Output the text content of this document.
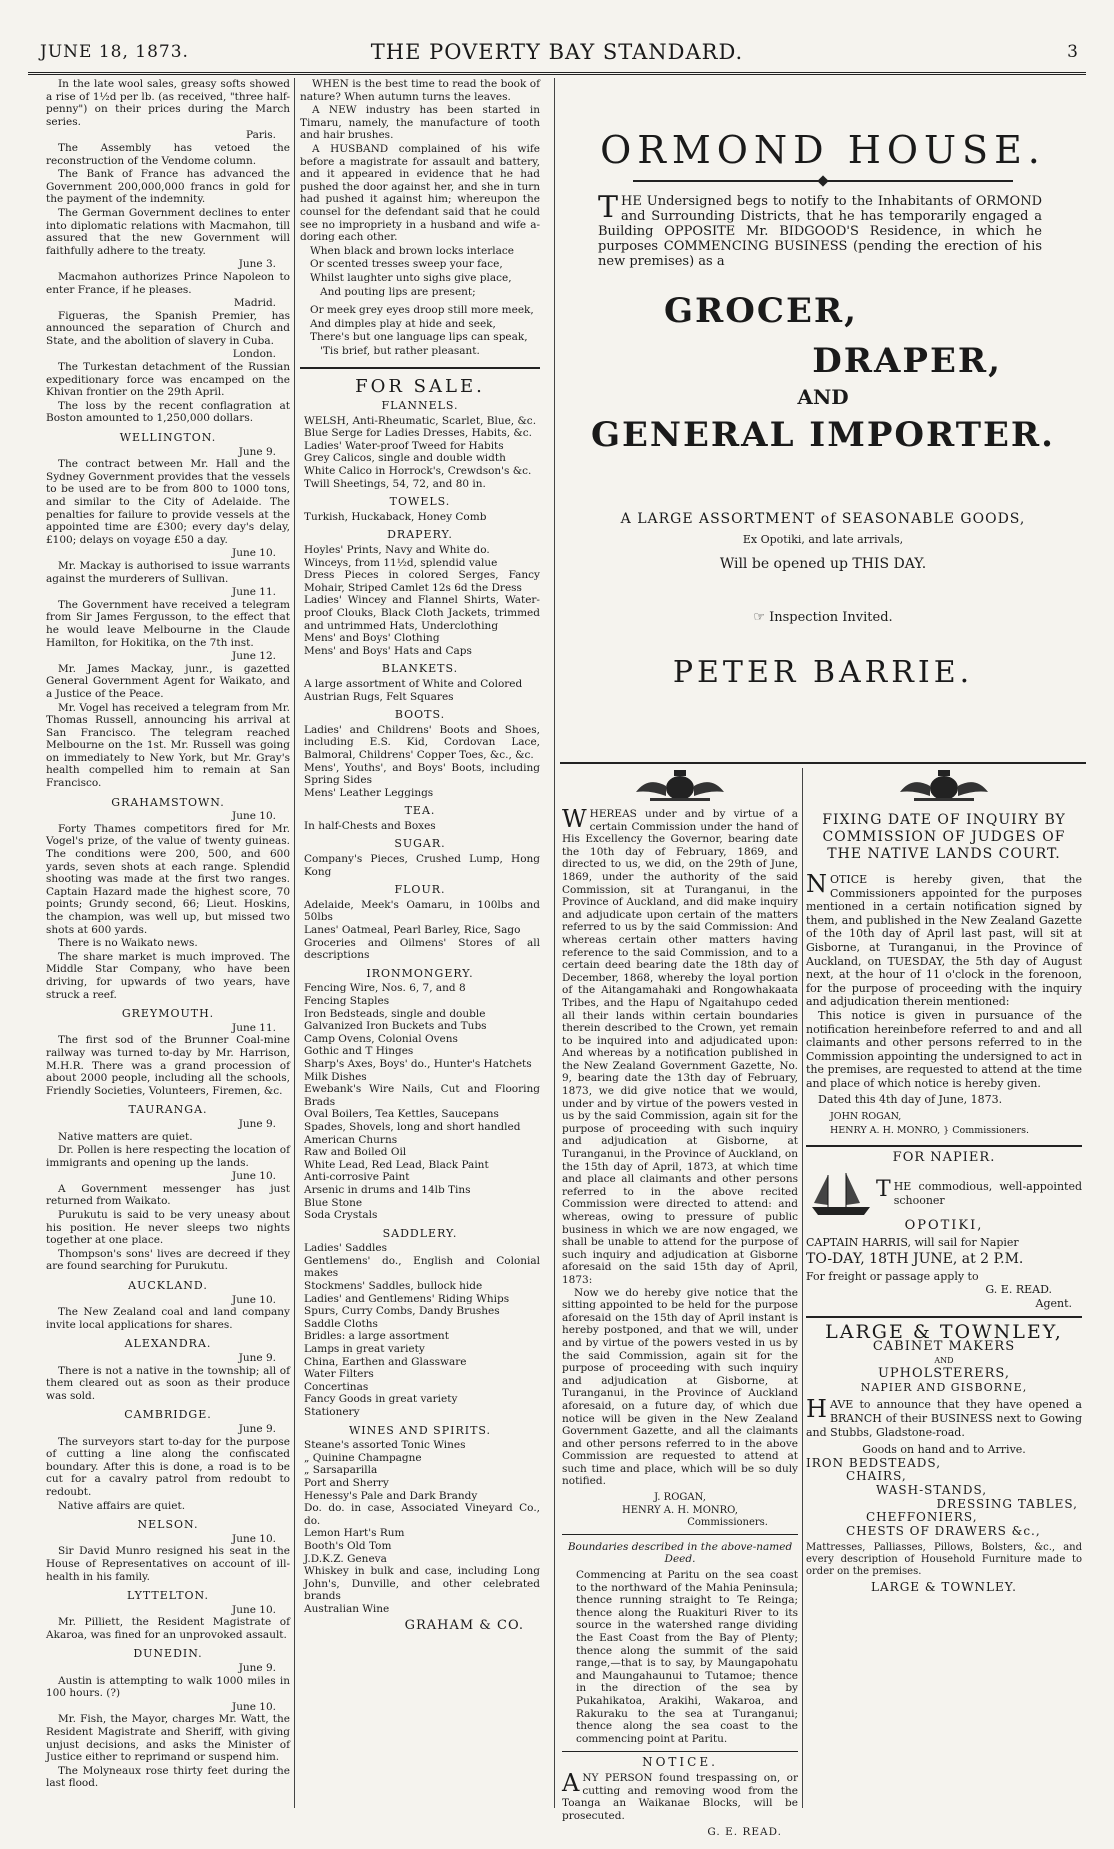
JUNE 18, 1873.	THE POVERTY BAY STANDARD.	3

In the late wool sales, greasy softs showed a rise of 1½d per lb. (as received, "three half-penny") on their prices during the March series.

Paris.

The Assembly has vetoed the reconstruction of the Vendome column.

The Bank of France has advanced the Government 200,000,000 francs in gold for the payment of the indemnity.

The German Government declines to enter into diplomatic relations with Macmahon, till assured that the new Government will faithfully adhere to the treaty.

June 3.

Macmahon authorizes Prince Napoleon to enter France, if he pleases.

Madrid.

Figueras, the Spanish Premier, has announced the separation of Church and State, and the abolition of slavery in Cuba.

London.

The Turkestan detachment of the Russian expeditionary force was encamped on the Khivan frontier on the 29th April.

The loss by the recent conflagration at Boston amounted to 1,250,000 dollars.

WELLINGTON.
June 9.

The contract between Mr. Hall and the Sydney Government provides that the vessels to be used are to be from 800 to 1000 tons, and similar to the City of Adelaide. The penalties for failure to provide vessels at the appointed time are £300; every day's delay, £100; delays on voyage £50 a day.

June 10.

Mr. Mackay is authorised to issue warrants against the murderers of Sullivan.

June 11.

The Government have received a telegram from Sir James Fergusson, to the effect that he would leave Melbourne in the Claude Hamilton, for Hokitika, on the 7th inst.

June 12.

Mr. James Mackay, junr., is gazetted General Government Agent for Waikato, and a Justice of the Peace.

Mr. Vogel has received a telegram from Mr. Thomas Russell, announcing his arrival at San Francisco. The telegram reached Melbourne on the 1st. Mr. Russell was going on immediately to New York, but Mr. Gray's health compelled him to remain at San Francisco.

GRAHAMSTOWN.
June 10.

Forty Thames competitors fired for Mr. Vogel's prize, of the value of twenty guineas. The conditions were 200, 500, and 600 yards, seven shots at each range. Splendid shooting was made at the first two ranges. Captain Hazard made the highest score, 70 points; Grundy second, 66; Lieut. Hoskins, the champion, was well up, but missed two shots at 600 yards.

There is no Waikato news.

The share market is much improved. The Middle Star Company, who have been driving, for upwards of two years, have struck a reef.

GREYMOUTH.
June 11.

The first sod of the Brunner Coal-mine railway was turned to-day by Mr. Harrison, M.H.R. There was a grand procession of about 2000 people, including all the schools, Friendly Societies, Volunteers, Firemen, &c.

TAURANGA.
June 9.

Native matters are quiet.

Dr. Pollen is here respecting the location of immigrants and opening up the lands.

June 10.

A Government messenger has just returned from Waikato.

Purukutu is said to be very uneasy about his position. He never sleeps two nights together at one place.

Thompson's sons' lives are decreed if they are found searching for Purukutu.

AUCKLAND.
June 10.

The New Zealand coal and land company invite local applications for shares.

ALEXANDRA.
June 9.

There is not a native in the township; all of them cleared out as soon as their produce was sold.

CAMBRIDGE.
June 9.

The surveyors start to-day for the purpose of cutting a line along the confiscated boundary. After this is done, a road is to be cut for a cavalry patrol from redoubt to redoubt.

Native affairs are quiet.

NELSON.
June 10.

Sir David Munro resigned his seat in the House of Representatives on account of ill-health in his family.

LYTTELTON.
June 10.

Mr. Pilliett, the Resident Magistrate of Akaroa, was fined for an unprovoked assault.

DUNEDIN.
June 9.

Austin is attempting to walk 1000 miles in 100 hours. (?)

June 10.

Mr. Fish, the Mayor, charges Mr. Watt, the Resident Magistrate and Sheriff, with giving unjust decisions, and asks the Minister of Justice either to reprimand or suspend him.

The Molyneaux rose thirty feet during the last flood.

WHEN is the best time to read the book of nature? When autumn turns the leaves.

A NEW industry has been started in Timaru, namely, the manufacture of tooth and hair brushes.

A HUSBAND complained of his wife before a magistrate for assault and battery, and it appeared in evidence that he had pushed the door against her, and she in turn had pushed it against him; whereupon the counsel for the defendant said that he could see no impropriety in a husband and wife a-doring each other.

When black and brown locks interlace

Or scented tresses sweep your face,

Whilst laughter unto sighs give place,

And pouting lips are present;

Or meek grey eyes droop still more meek,

And dimples play at hide and seek,

There's but one language lips can speak,

'Tis brief, but rather pleasant.

FOR SALE.
FLANNELS.

WELSH, Anti-Rheumatic, Scarlet, Blue, &c.

Blue Serge for Ladies Dresses, Habits, &c.

Ladies' Water-proof Tweed for Habits

Grey Calicos, single and double width

White Calico in Horrock's, Crewdson's &c.

Twill Sheetings, 54, 72, and 80 in.

TOWELS.

Turkish, Huckaback, Honey Comb

DRAPERY.

Hoyles' Prints, Navy and White do.

Winceys, from 11½d, splendid value

Dress Pieces in colored Serges, Fancy Mohair, Striped Camlet 12s 6d the Dress

Ladies' Wincey and Flannel Shirts, Water-proof Clouks, Black Cloth Jackets, trimmed and untrimmed Hats, Underclothing

Mens' and Boys' Clothing

Mens' and Boys' Hats and Caps

BLANKETS.

A large assortment of White and Colored

Austrian Rugs, Felt Squares

BOOTS.

Ladies' and Childrens' Boots and Shoes, including E.S. Kid, Cordovan Lace, Balmoral, Childrens' Copper Toes, &c., &c.

Mens', Youths', and Boys' Boots, including Spring Sides

Mens' Leather Leggings

TEA.

In half-Chests and Boxes

SUGAR.

Company's Pieces, Crushed Lump, Hong Kong

FLOUR.

Adelaide, Meek's Oamaru, in 100lbs and 50lbs

Lanes' Oatmeal, Pearl Barley, Rice, Sago

Groceries and Oilmens' Stores of all descriptions

IRONMONGERY.

Fencing Wire, Nos. 6, 7, and 8

Fencing Staples

Iron Bedsteads, single and double

Galvanized Iron Buckets and Tubs

Camp Ovens, Colonial Ovens

Gothic and T Hinges

Sharp's Axes, Boys' do., Hunter's Hatchets

Milk Dishes

Ewebank's Wire Nails, Cut and Flooring Brads

Oval Boilers, Tea Kettles, Saucepans

Spades, Shovels, long and short handled

American Churns

Raw and Boiled Oil

White Lead, Red Lead, Black Paint

Anti-corrosive Paint

Arsenic in drums and 14lb Tins

Blue Stone

Soda Crystals

SADDLERY.

Ladies' Saddles

Gentlemens' do., English and Colonial makes

Stockmens' Saddles, bullock hide

Ladies' and Gentlemens' Riding Whips

Spurs, Curry Combs, Dandy Brushes

Saddle Cloths

Bridles: a large assortment

Lamps in great variety

China, Earthen and Glassware

Water Filters

Concertinas

Fancy Goods in great variety

Stationery

WINES AND SPIRITS.

Steane's assorted Tonic Wines

„ Quinine Champagne

„ Sarsaparilla

Port and Sherry

Henessy's Pale and Dark Brandy

Do. do. in case, Associated Vineyard Co., do.

Lemon Hart's Rum

Booth's Old Tom

J.D.K.Z. Geneva

Whiskey in bulk and case, including Long John's, Dunville, and other celebrated brands

Australian Wine

GRAHAM & CO.
ORMOND HOUSE.
THE Undersigned begs to notify to the Inhabitants of ORMOND and Surrounding Districts, that he has temporarily engaged a Building OPPOSITE Mr. BIDGOOD'S Residence, in which he purposes COMMENCING BUSINESS (pending the erection of his new premises) as a
GROCER,
DRAPER,
AND
GENERAL IMPORTER.
A LARGE ASSORTMENT of SEASONABLE GOODS,
Ex Opotiki, and late arrivals,
Will be opened up THIS DAY.
☞ Inspection Invited.
PETER BARRIE.
WHEREAS under and by virtue of a certain Commission under the hand of His Excellency the Governor, bearing date the 10th day of February, 1869, and directed to us, we did, on the 29th of June, 1869, under the authority of the said Commission, sit at Turanganui, in the Province of Auckland, and did make inquiry and adjudicate upon certain of the matters referred to us by the said Commission: And whereas certain other matters having reference to the said Commission, and to a certain deed bearing date the 18th day of December, 1868, whereby the loyal portion of the Aitangamahaki and Rongowhakaata Tribes, and the Hapu of Ngaitahupo ceded all their lands within certain boundaries therein described to the Crown, yet remain to be inquired into and adjudicated upon: And whereas by a notification published in the New Zealand Government Gazette, No. 9, bearing date the 13th day of February, 1873, we did give notice that we would, under and by virtue of the powers vested in us by the said Commission, again sit for the purpose of proceeding with such inquiry and adjudication at Gisborne, at Turanganui, in the Province of Auckland, on the 15th day of April, 1873, at which time and place all claimants and other persons referred to in the above recited Commission were directed to attend: and whereas, owing to pressure of public business in which we are now engaged, we shall be unable to attend for the purpose of such inquiry and adjudication at Gisborne aforesaid on the said 15th day of April, 1873:

Now we do hereby give notice that the sitting appointed to be held for the purpose aforesaid on the 15th day of April instant is hereby postponed, and that we will, under and by virtue of the powers vested in us by the said Commission, again sit for the purpose of proceeding with such inquiry and adjudication at Gisborne, at Turanganui, in the Province of Auckland aforesaid, on a future day, of which due notice will be given in the New Zealand Government Gazette, and all the claimants and other persons referred to in the above Commission are requested to attend at such time and place, which will be so duly notified.

J. ROGAN,
HENRY A. H. MONRO,
Commissioners.
Boundaries described in the above-named Deed.

Commencing at Paritu on the sea coast to the northward of the Mahia Peninsula; thence running straight to Te Reinga; thence along the Ruakituri River to its source in the watershed range dividing the East Coast from the Bay of Plenty; thence along the summit of the said range,—that is to say, by Maungapohatu and Maungahaunui to Tutamoe; thence in the direction of the sea by Pukahikatoa, Arakihi, Wakaroa, and Rakuraku to the sea at Turanganui; thence along the sea coast to the commencing point at Paritu.

NOTICE.
ANY PERSON found trespassing on, or cutting and removing wood from the Toanga an Waikanae Blocks, will be prosecuted.
G. E. READ.
FIXING DATE OF INQUIRY BY COMMISSION OF JUDGES OF THE NATIVE LANDS COURT.
NOTICE is hereby given, that the Commissioners appointed for the purposes mentioned in a certain notification signed by them, and published in the New Zealand Gazette of the 10th day of April last past, will sit at Gisborne, at Turanganui, in the Province of Auckland, on TUESDAY, the 5th day of August next, at the hour of 11 o'clock in the forenoon, for the purpose of proceeding with the inquiry and adjudication therein mentioned:

This notice is given in pursuance of the notification hereinbefore referred to and and all claimants and other persons referred to in the Commission appointing the undersigned to act in the premises, are requested to attend at the time and place of which notice is hereby given.

Dated this 4th day of June, 1873.

JOHN ROGAN,
HENRY A. H. MONRO, } Commissioners.
FOR NAPIER.
THE commodious, well-appointed schooner
OPOTIKI,
CAPTAIN HARRIS, will sail for Napier
TO-DAY, 18TH JUNE, at 2 P.M.
For freight or passage apply to
G. E. READ.
Agent.
LARGE & TOWNLEY,
CABINET MAKERS
AND
UPHOLSTERERS,
NAPIER AND GISBORNE,
HAVE to announce that they have opened a BRANCH of their BUSINESS next to Gowing and Stubbs, Gladstone-road.
Goods on hand and to Arrive.
IRON BEDSTEADS,
CHAIRS,
WASH-STANDS,
DRESSING TABLES,
CHEFFONIERS,
CHESTS OF DRAWERS &c.,
Mattresses, Palliasses, Pillows, Bolsters, &c., and every description of Household Furniture made to order on the premises.
LARGE & TOWNLEY.
